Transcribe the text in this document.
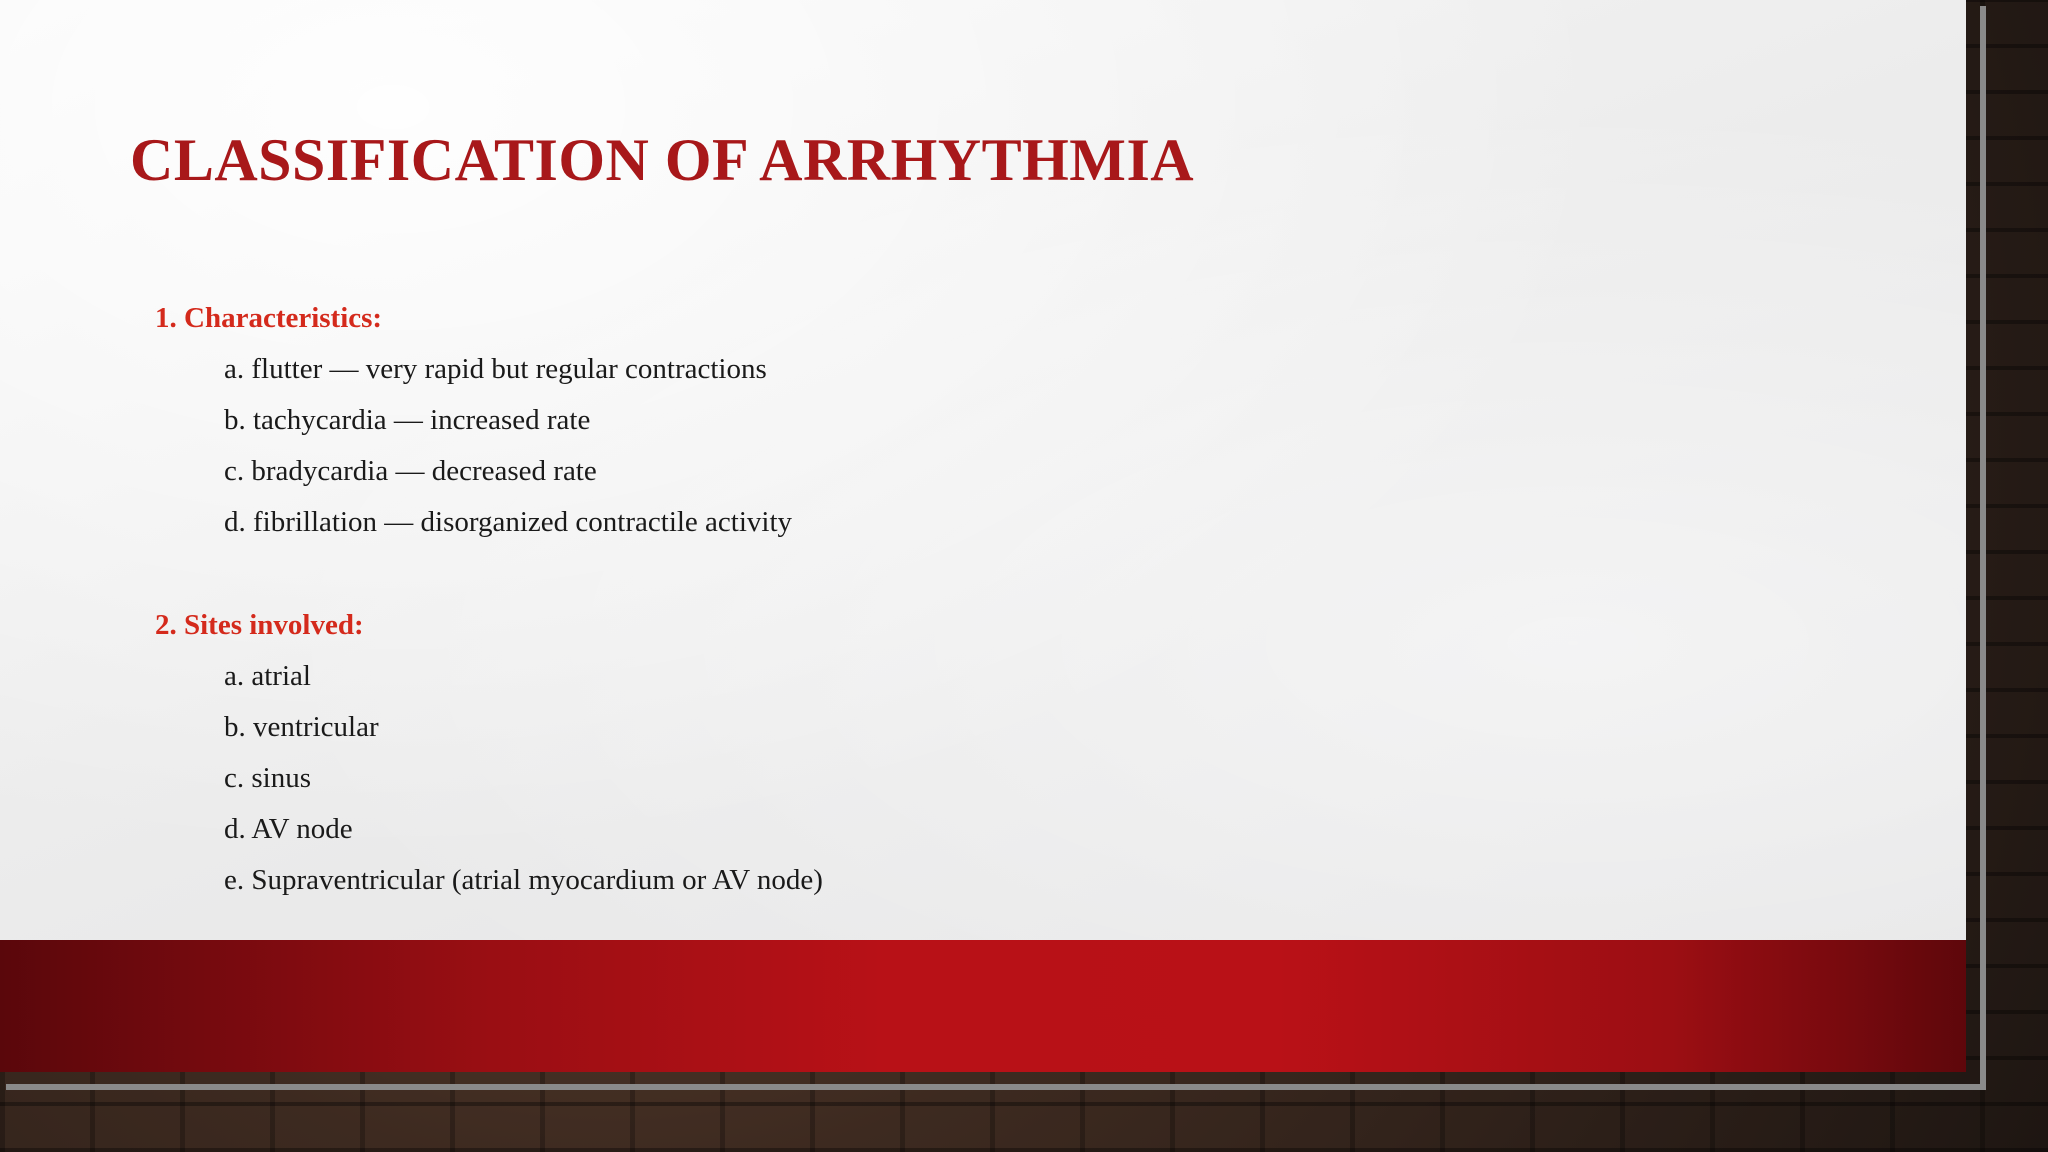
CLASSIFICATION OF ARRHYTHMIA

1. Characteristics:

a. flutter — very rapid but regular contractions

b. tachycardia — increased rate

c. bradycardia — decreased rate

d. fibrillation — disorganized contractile activity

2. Sites involved:

a. atrial

b. ventricular

c. sinus

d. AV node

e. Supraventricular (atrial myocardium or AV node)
